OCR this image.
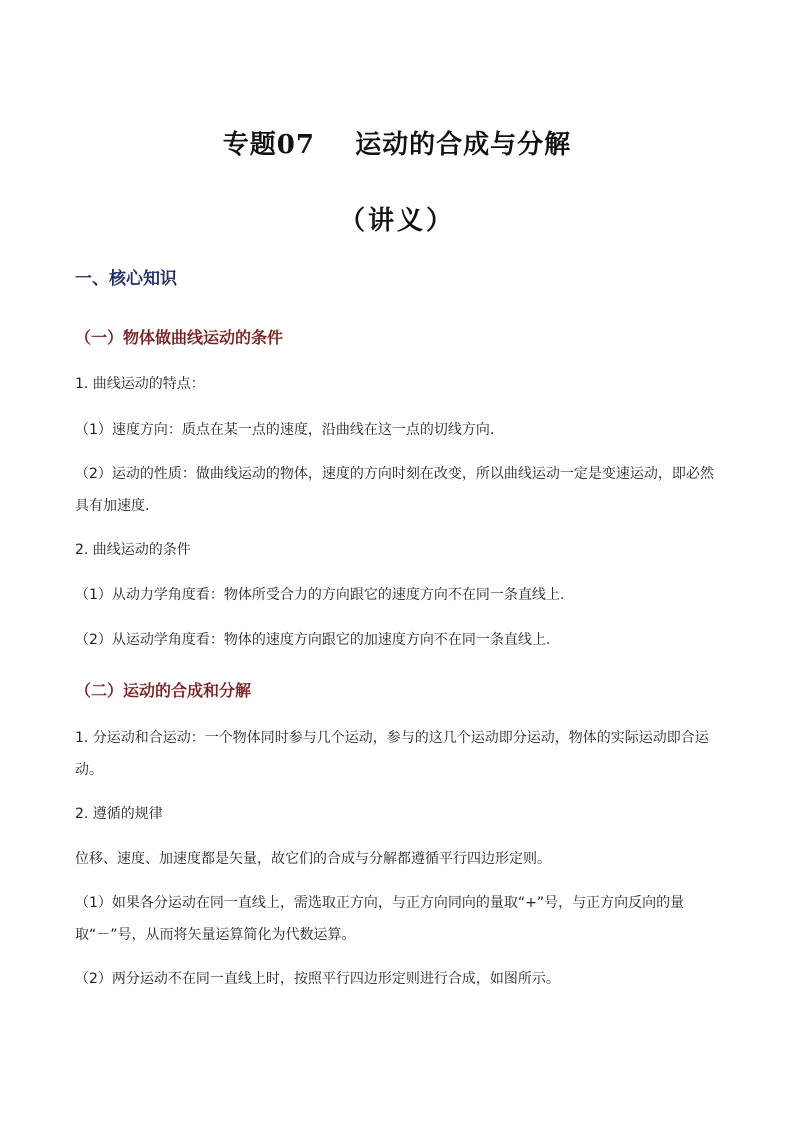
专题07    运动的合成与分解
（讲义）
一、核心知识
（一）物体做曲线运动的条件
1. 曲线运动的特点：
（1）速度方向：质点在某一点的速度，沿曲线在这一点的切线方向.
（2）运动的性质：做曲线运动的物体，速度的方向时刻在改变，所以曲线运动一定是变速运动，即必然具有加速度.
2. 曲线运动的条件
（1）从动力学角度看：物体所受合力的方向跟它的速度方向不在同一条直线上.
（2）从运动学角度看：物体的速度方向跟它的加速度方向不在同一条直线上.
（二）运动的合成和分解
1. 分运动和合运动：一个物体同时参与几个运动，参与的这几个运动即分运动，物体的实际运动即合运动。
2. 遵循的规律
位移、速度、加速度都是矢量，故它们的合成与分解都遵循平行四边形定则。
（1）如果各分运动在同一直线上，需选取正方向，与正方向同向的量取“+”号，与正方向反向的量取“－”号，从而将矢量运算简化为代数运算。
（2）两分运动不在同一直线上时，按照平行四边形定则进行合成，如图所示。
